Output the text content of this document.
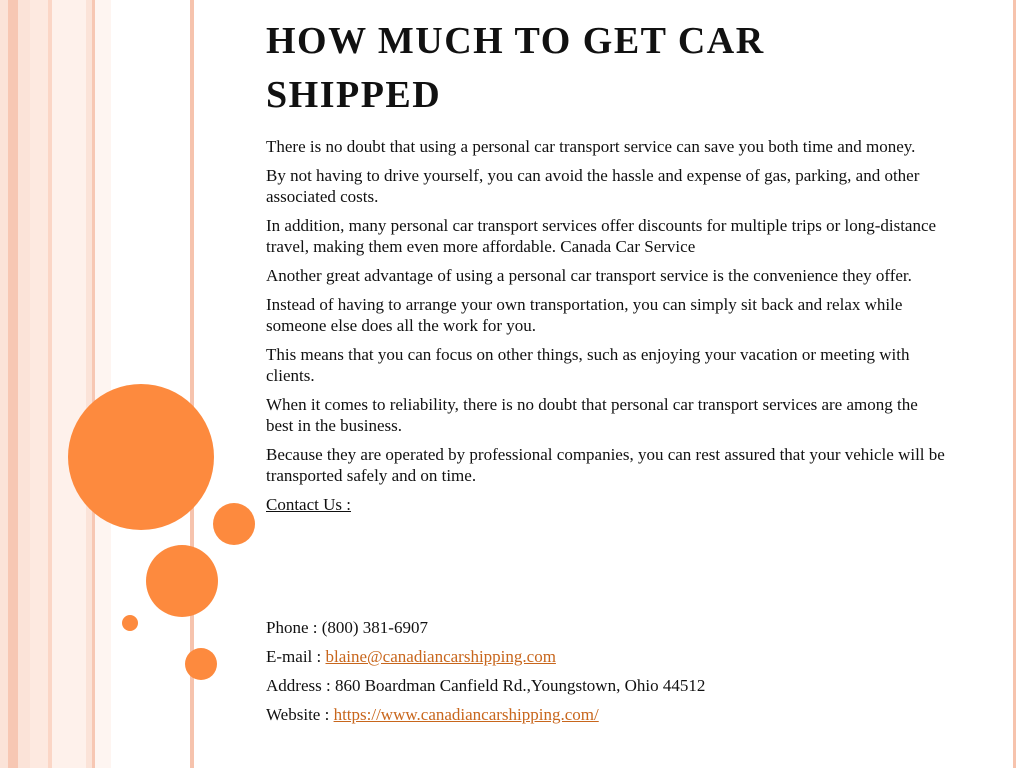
HOW MUCH TO GET CAR SHIPPED

There is no doubt that using a personal car transport service can save you both time and money.

By not having to drive yourself, you can avoid the hassle and expense of gas, parking, and other associated costs.

In addition, many personal car transport services offer discounts for multiple trips or long-distance travel, making them even more affordable. Canada Car Service

Another great advantage of using a personal car transport service is the convenience they offer.

Instead of having to arrange your own transportation, you can simply sit back and relax while someone else does all the work for you.

This means that you can focus on other things, such as enjoying your vacation or meeting with clients.

When it comes to reliability, there is no doubt that personal car transport services are among the best in the business.

Because they are operated by professional companies, you can rest assured that your vehicle will be transported safely and on time.

Contact Us :

Phone : (800) 381-6907

E-mail : blaine@canadiancarshipping.com

Address : 860 Boardman Canfield Rd.,Youngstown, Ohio 44512

Website : https://www.canadiancarshipping.com/
